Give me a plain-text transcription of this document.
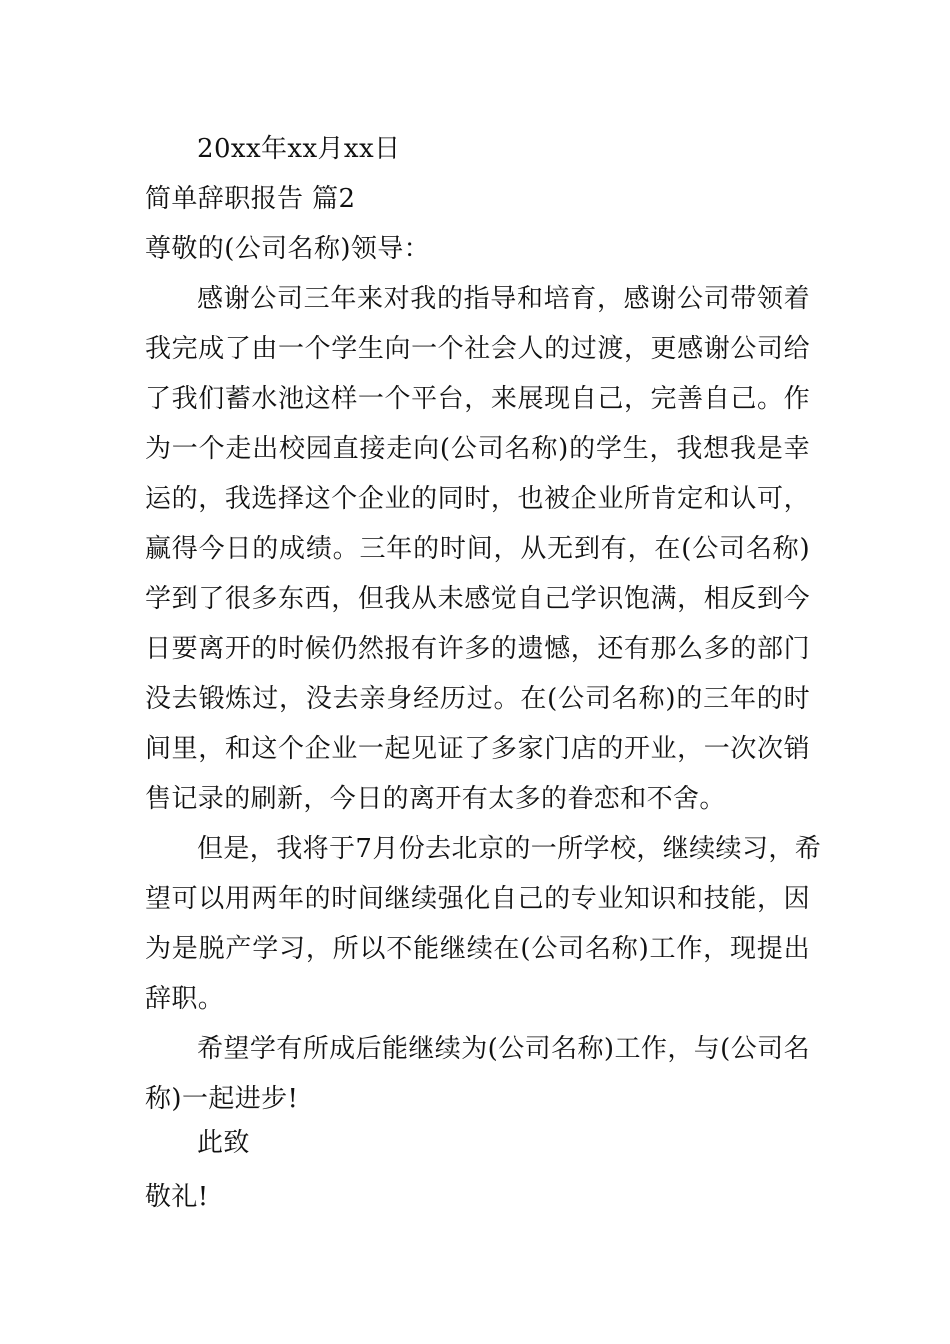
20xx年xx月xx日
简单辞职报告 篇2
尊敬的(公司名称)领导：
感谢公司三年来对我的指导和培育，感谢公司带领着
我完成了由一个学生向一个社会人的过渡，更感谢公司给
了我们蓄水池这样一个平台，来展现自己，完善自己。作
为一个走出校园直接走向(公司名称)的学生，我想我是幸
运的，我选择这个企业的同时，也被企业所肯定和认可，
赢得今日的成绩。三年的时间，从无到有，在(公司名称)
学到了很多东西，但我从未感觉自己学识饱满，相反到今
日要离开的时候仍然报有许多的遗憾，还有那么多的部门
没去锻炼过，没去亲身经历过。在(公司名称)的三年的时
间里，和这个企业一起见证了多家门店的开业，一次次销
售记录的刷新，今日的离开有太多的眷恋和不舍。
但是，我将于7月份去北京的一所学校，继续续习，希
望可以用两年的时间继续强化自己的专业知识和技能，因
为是脱产学习，所以不能继续在(公司名称)工作，现提出
辞职。
希望学有所成后能继续为(公司名称)工作，与(公司名
称)一起进步!
此致
敬礼!
